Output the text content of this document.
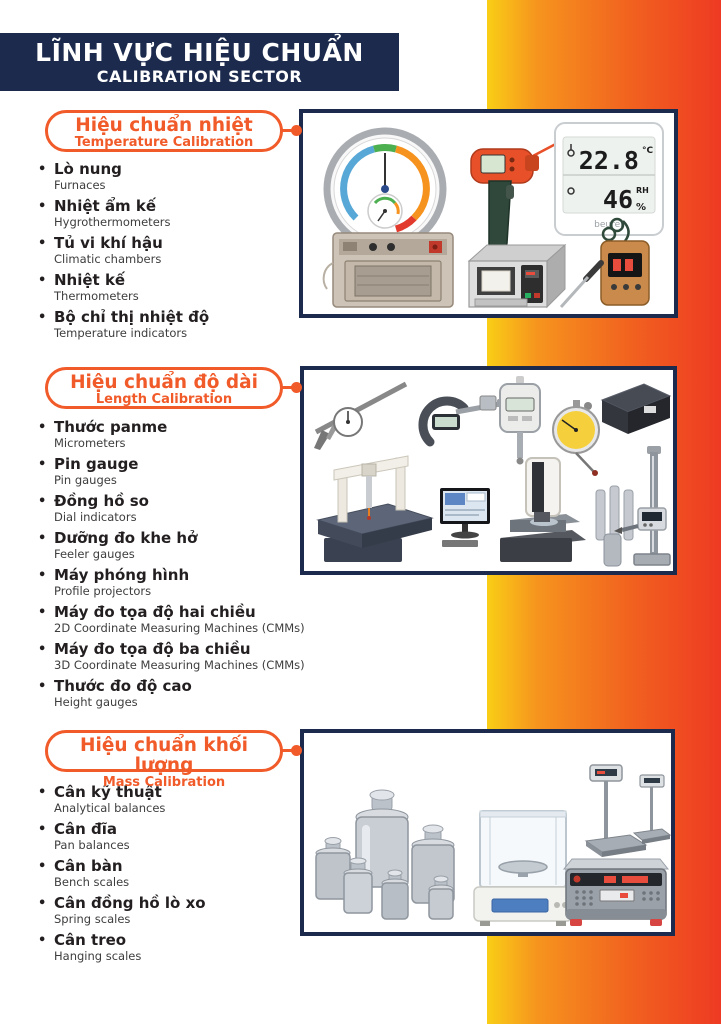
LĨNH VỰC HIỆU CHUẨN
CALIBRATION SECTOR
Hiệu chuẩn nhiệt
Temperature Calibration
• Lò nung
Furnaces
• Nhiệt ẩm kế
Hygrothermometers
• Tủ vi khí hậu
Climatic chambers
• Nhiệt kế
Thermometers
• Bộ chỉ thị nhiệt độ
Temperature indicators
22.8 °C
46 %
RH
beurer
Hiệu chuẩn độ dài
Length Calibration
• Thước panme
Micrometers
• Pin gauge
Pin gauges
• Đồng hồ so
Dial indicators
• Dưỡng đo khe hở
Feeler gauges
• Máy phóng hình
Profile projectors
• Máy đo tọa độ hai chiều
2D Coordinate Measuring Machines (CMMs)
• Máy đo tọa độ ba chiều
3D Coordinate Measuring Machines (CMMs)
• Thước đo độ cao
Height gauges
Hiệu chuẩn khối lượng
Mass Calibration
• Cân kỹ thuật
Analytical balances
• Cân đĩa
Pan balances
• Cân bàn
Bench scales
• Cân đồng hồ lò xo
Spring scales
• Cân treo
Hanging scales
